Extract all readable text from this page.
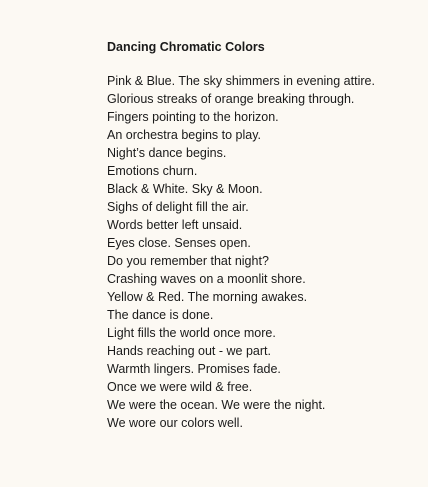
Dancing Chromatic Colors
Pink & Blue. The sky shimmers in evening attire.
Glorious streaks of orange breaking through.
Fingers pointing to the horizon.
An orchestra begins to play.
Night’s dance begins.
Emotions churn.
Black & White. Sky & Moon.
Sighs of delight fill the air.
Words better left unsaid.
Eyes close. Senses open.
Do you remember that night?
Crashing waves on a moonlit shore.
Yellow & Red. The morning awakes.
The dance is done.
Light fills the world once more.
Hands reaching out - we part.
Warmth lingers. Promises fade.
Once we were wild & free.
We were the ocean. We were the night.
We wore our colors well.
